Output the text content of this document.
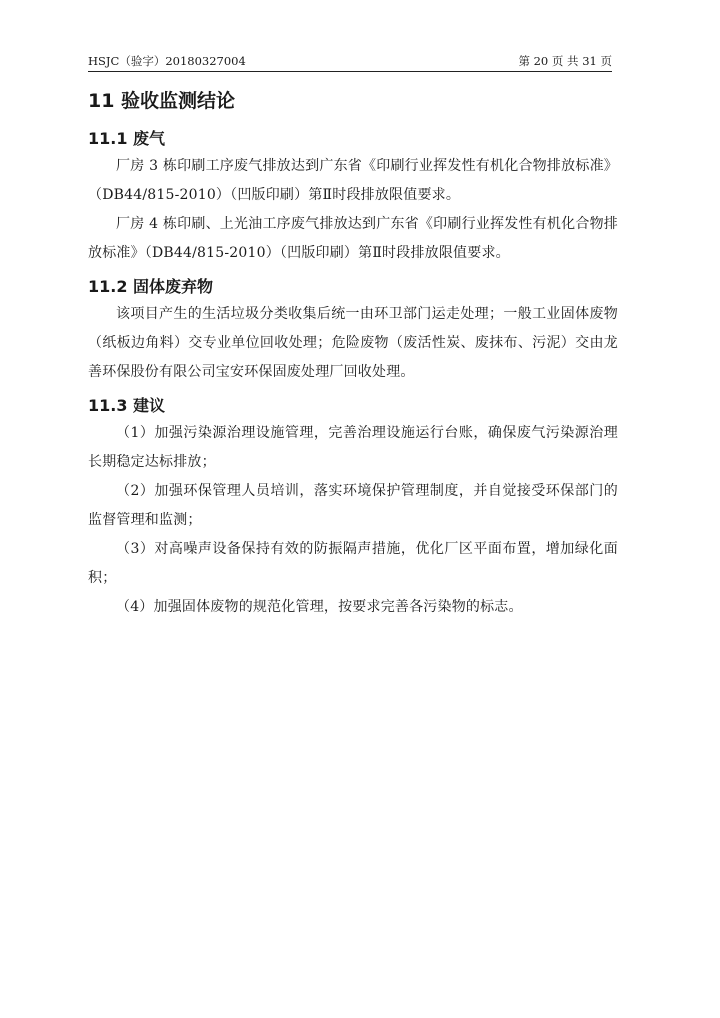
HSJC（验字）20180327004	第 20 页 共 31 页
11 验收监测结论
11.1 废气

厂房 3 栋印刷工序废气排放达到广东省《印刷行业挥发性有机化合物排放标准》（DB44/815-2010）（凹版印刷）第Ⅱ时段排放限值要求。

厂房 4 栋印刷、上光油工序废气排放达到广东省《印刷行业挥发性有机化合物排放标准》（DB44/815-2010）（凹版印刷）第Ⅱ时段排放限值要求。

11.2 固体废弃物

该项目产生的生活垃圾分类收集后统一由环卫部门运走处理；一般工业固体废物（纸板边角料）交专业单位回收处理；危险废物（废活性炭、废抹布、污泥）交由龙善环保股份有限公司宝安环保固废处理厂回收处理。

11.3 建议

（1）加强污染源治理设施管理，完善治理设施运行台账，确保废气污染源治理长期稳定达标排放；

（2）加强环保管理人员培训，落实环境保护管理制度，并自觉接受环保部门的监督管理和监测；

（3）对高噪声设备保持有效的防振隔声措施，优化厂区平面布置，增加绿化面积；

（4）加强固体废物的规范化管理，按要求完善各污染物的标志。
